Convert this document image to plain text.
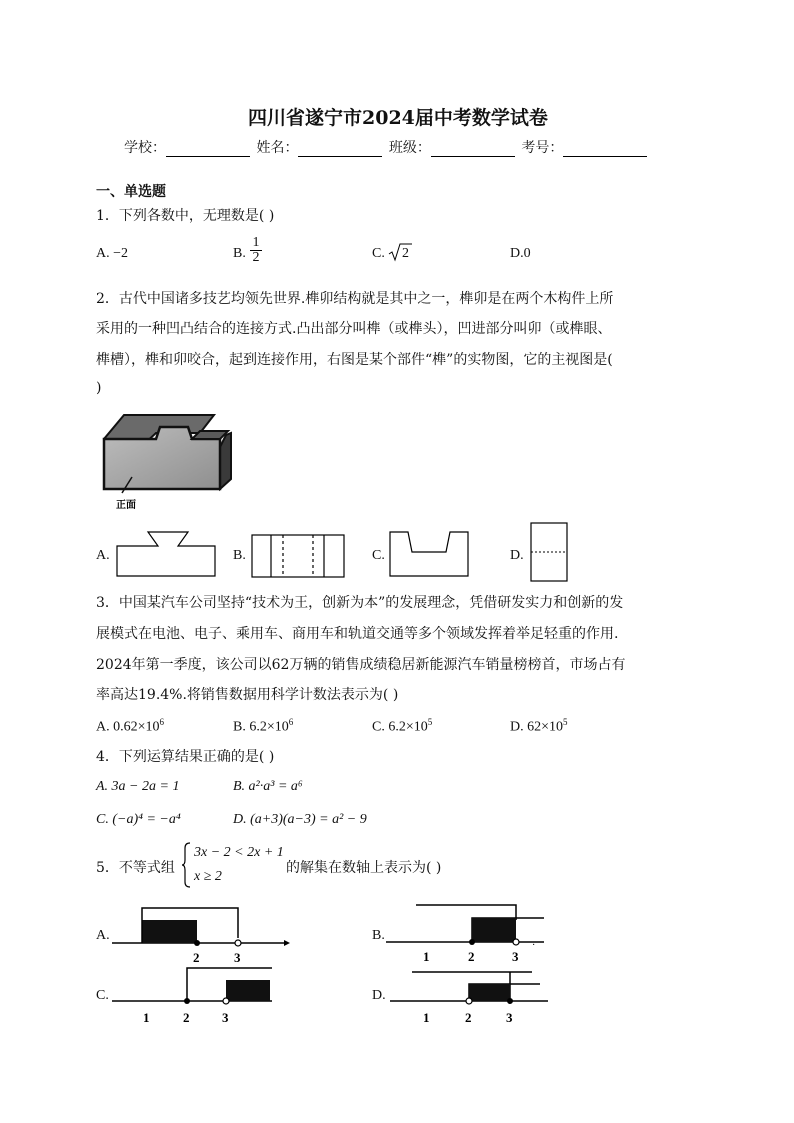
四川省遂宁市2024届中考数学试卷
学校：	姓名：	班级：	考号：
一、单选题
1．下列各数中，无理数是( )
A. −2	B. $\frac{1}{2}$	C. 2	D.0
2．古代中国诸多技艺均领先世界.榫卯结构就是其中之一，榫卯是在两个木构件上所
采用的一种凹凸结合的连接方式.凸出部分叫榫（或榫头），凹进部分叫卯（或榫眼、
榫槽），榫和卯咬合，起到连接作用，右图是某个部件“榫”的实物图，它的主视图是(
)
正面
A.	B.	C.	D.
3．中国某汽车公司坚持“技术为王，创新为本”的发展理念，凭借研发实力和创新的发
展模式在电池、电子、乘用车、商用车和轨道交通等多个领域发挥着举足轻重的作用.
2024年第一季度，该公司以62万辆的销售成绩稳居新能源汽车销量榜榜首，市场占有
率高达19.4%.将销售数据用科学计数法表示为( )
A. $0.62\times 10^6$	B. $6.2\times 10^6$	C. $6.2\times 10^5$	D. $62\times 10^5$
4．下列运算结果正确的是( )
A. 3a − 2a = 1	B. a²·a³ = a⁶
C. (−a)⁴ = −a⁴	D. (a+3)(a−3) = a² − 9
5．不等式组
3x − 2 < 2x + 1
x ≥ 2
的解集在数轴上表示为( )
A.
2	3
B.
·
1	2	3
C.
1	2	3
D.
1	2	3
